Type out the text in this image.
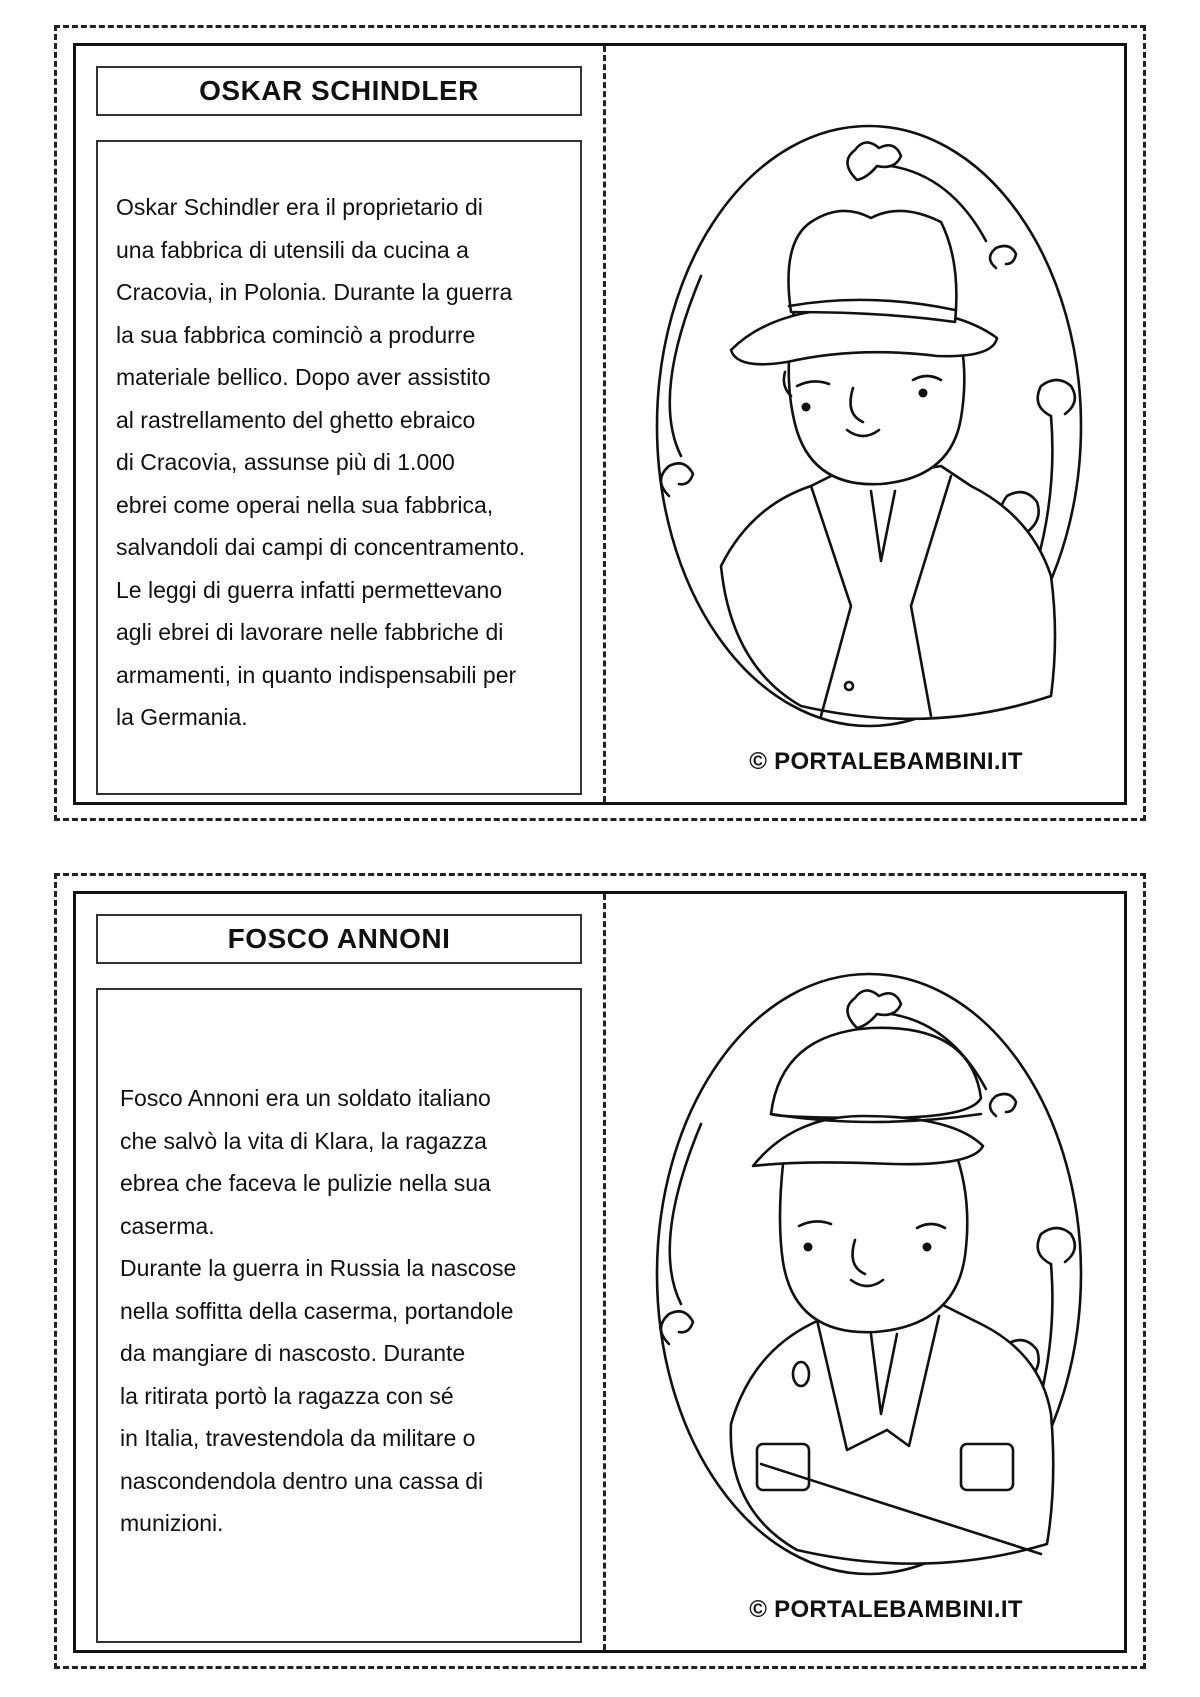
OSKAR SCHINDLER
Oskar Schindler era il proprietario di
una fabbrica di utensili da cucina a
Cracovia, in Polonia. Durante la guerra
la sua fabbrica cominciò a produrre
materiale bellico. Dopo aver assistito
al rastrellamento del ghetto ebraico
di Cracovia, assunse più di 1.000
ebrei come operai nella sua fabbrica,
salvandoli dai campi di concentramento.
Le leggi di guerra infatti permettevano
agli ebrei di lavorare nelle fabbriche di
armamenti, in quanto indispensabili per
la Germania.
© PORTALEBAMBINI.IT
FOSCO ANNONI
Fosco Annoni era un soldato italiano
che salvò la vita di Klara, la ragazza
ebrea che faceva le pulizie nella sua
caserma.
Durante la guerra in Russia la nascose
nella soffitta della caserma, portandole
da mangiare di nascosto. Durante
la ritirata portò la ragazza con sé
in Italia, travestendola da militare o
nascondendola dentro una cassa di
munizioni.
© PORTALEBAMBINI.IT
